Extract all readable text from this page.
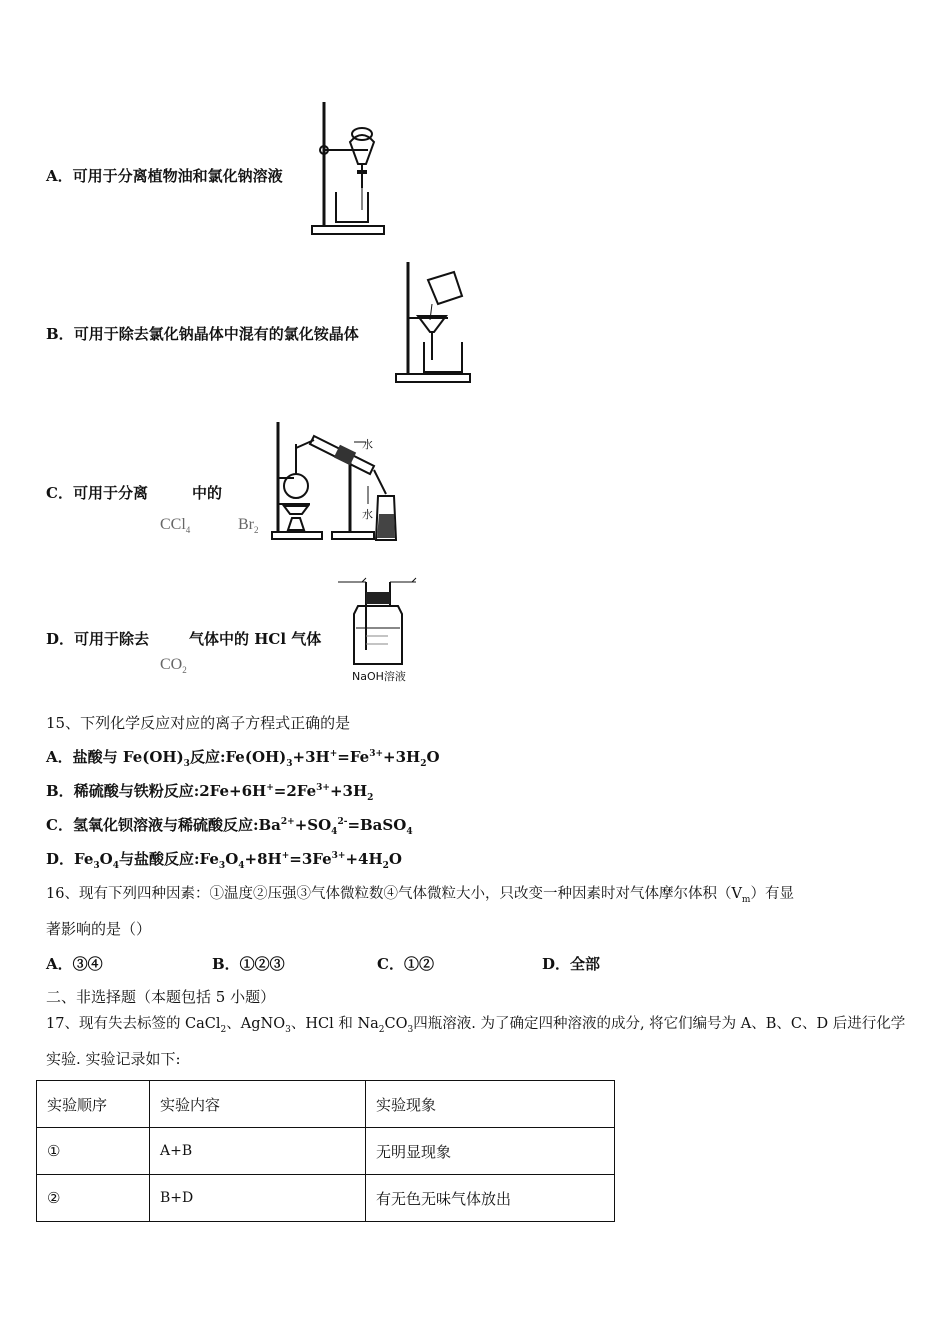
A．可用于分离植物油和氯化钠溶液
B．可用于除去氯化钠晶体中混有的氯化铵晶体
C．可用于分离	中的
CCl$_4$	$Br_2$
水
水
D．可用于除去	气体中的 HCl 气体
$CO_2$	NaOH溶液
15、下列化学反应对应的离子方程式正确的是
A．盐酸与 $Fe(OH)_3$反应$:Fe(OH)_3+3H^+=Fe^{3+}+3H_2O$
B．稀硫酸与铁粉反应$:2Fe+6H^+=2Fe^{3+}+3H_2$
C．氢氧化钡溶液与稀硫酸反应$:Ba^{2+}+SO_4^{2-}=BaSO_4$
D．$Fe_3O_4$与盐酸反应$:Fe_3O_4+8H^+=3Fe^{3+}+4H_2O$
16、现有下列四种因素：①温度②压强③气体微粒数④气体微粒大小，只改变一种因素时对气体摩尔体积$(V_m)$有显
著影响的是（）
A．③④	B．①②③	C．①②	D．全部
二、非选择题（本题包括 5 小题）
17、现有失去标签的 CaCl$_2$、AgNO$_3$、HCl 和 $Na_2CO_3$四瓶溶液. 为了确定四种溶液的成分, 将它们编号为 A、B、C、D 后进行化学
实验. 实验记录如下:
实验顺序	实验内容	实验现象
①	A+B	无明显现象
②	B+D	有无色无味气体放出
